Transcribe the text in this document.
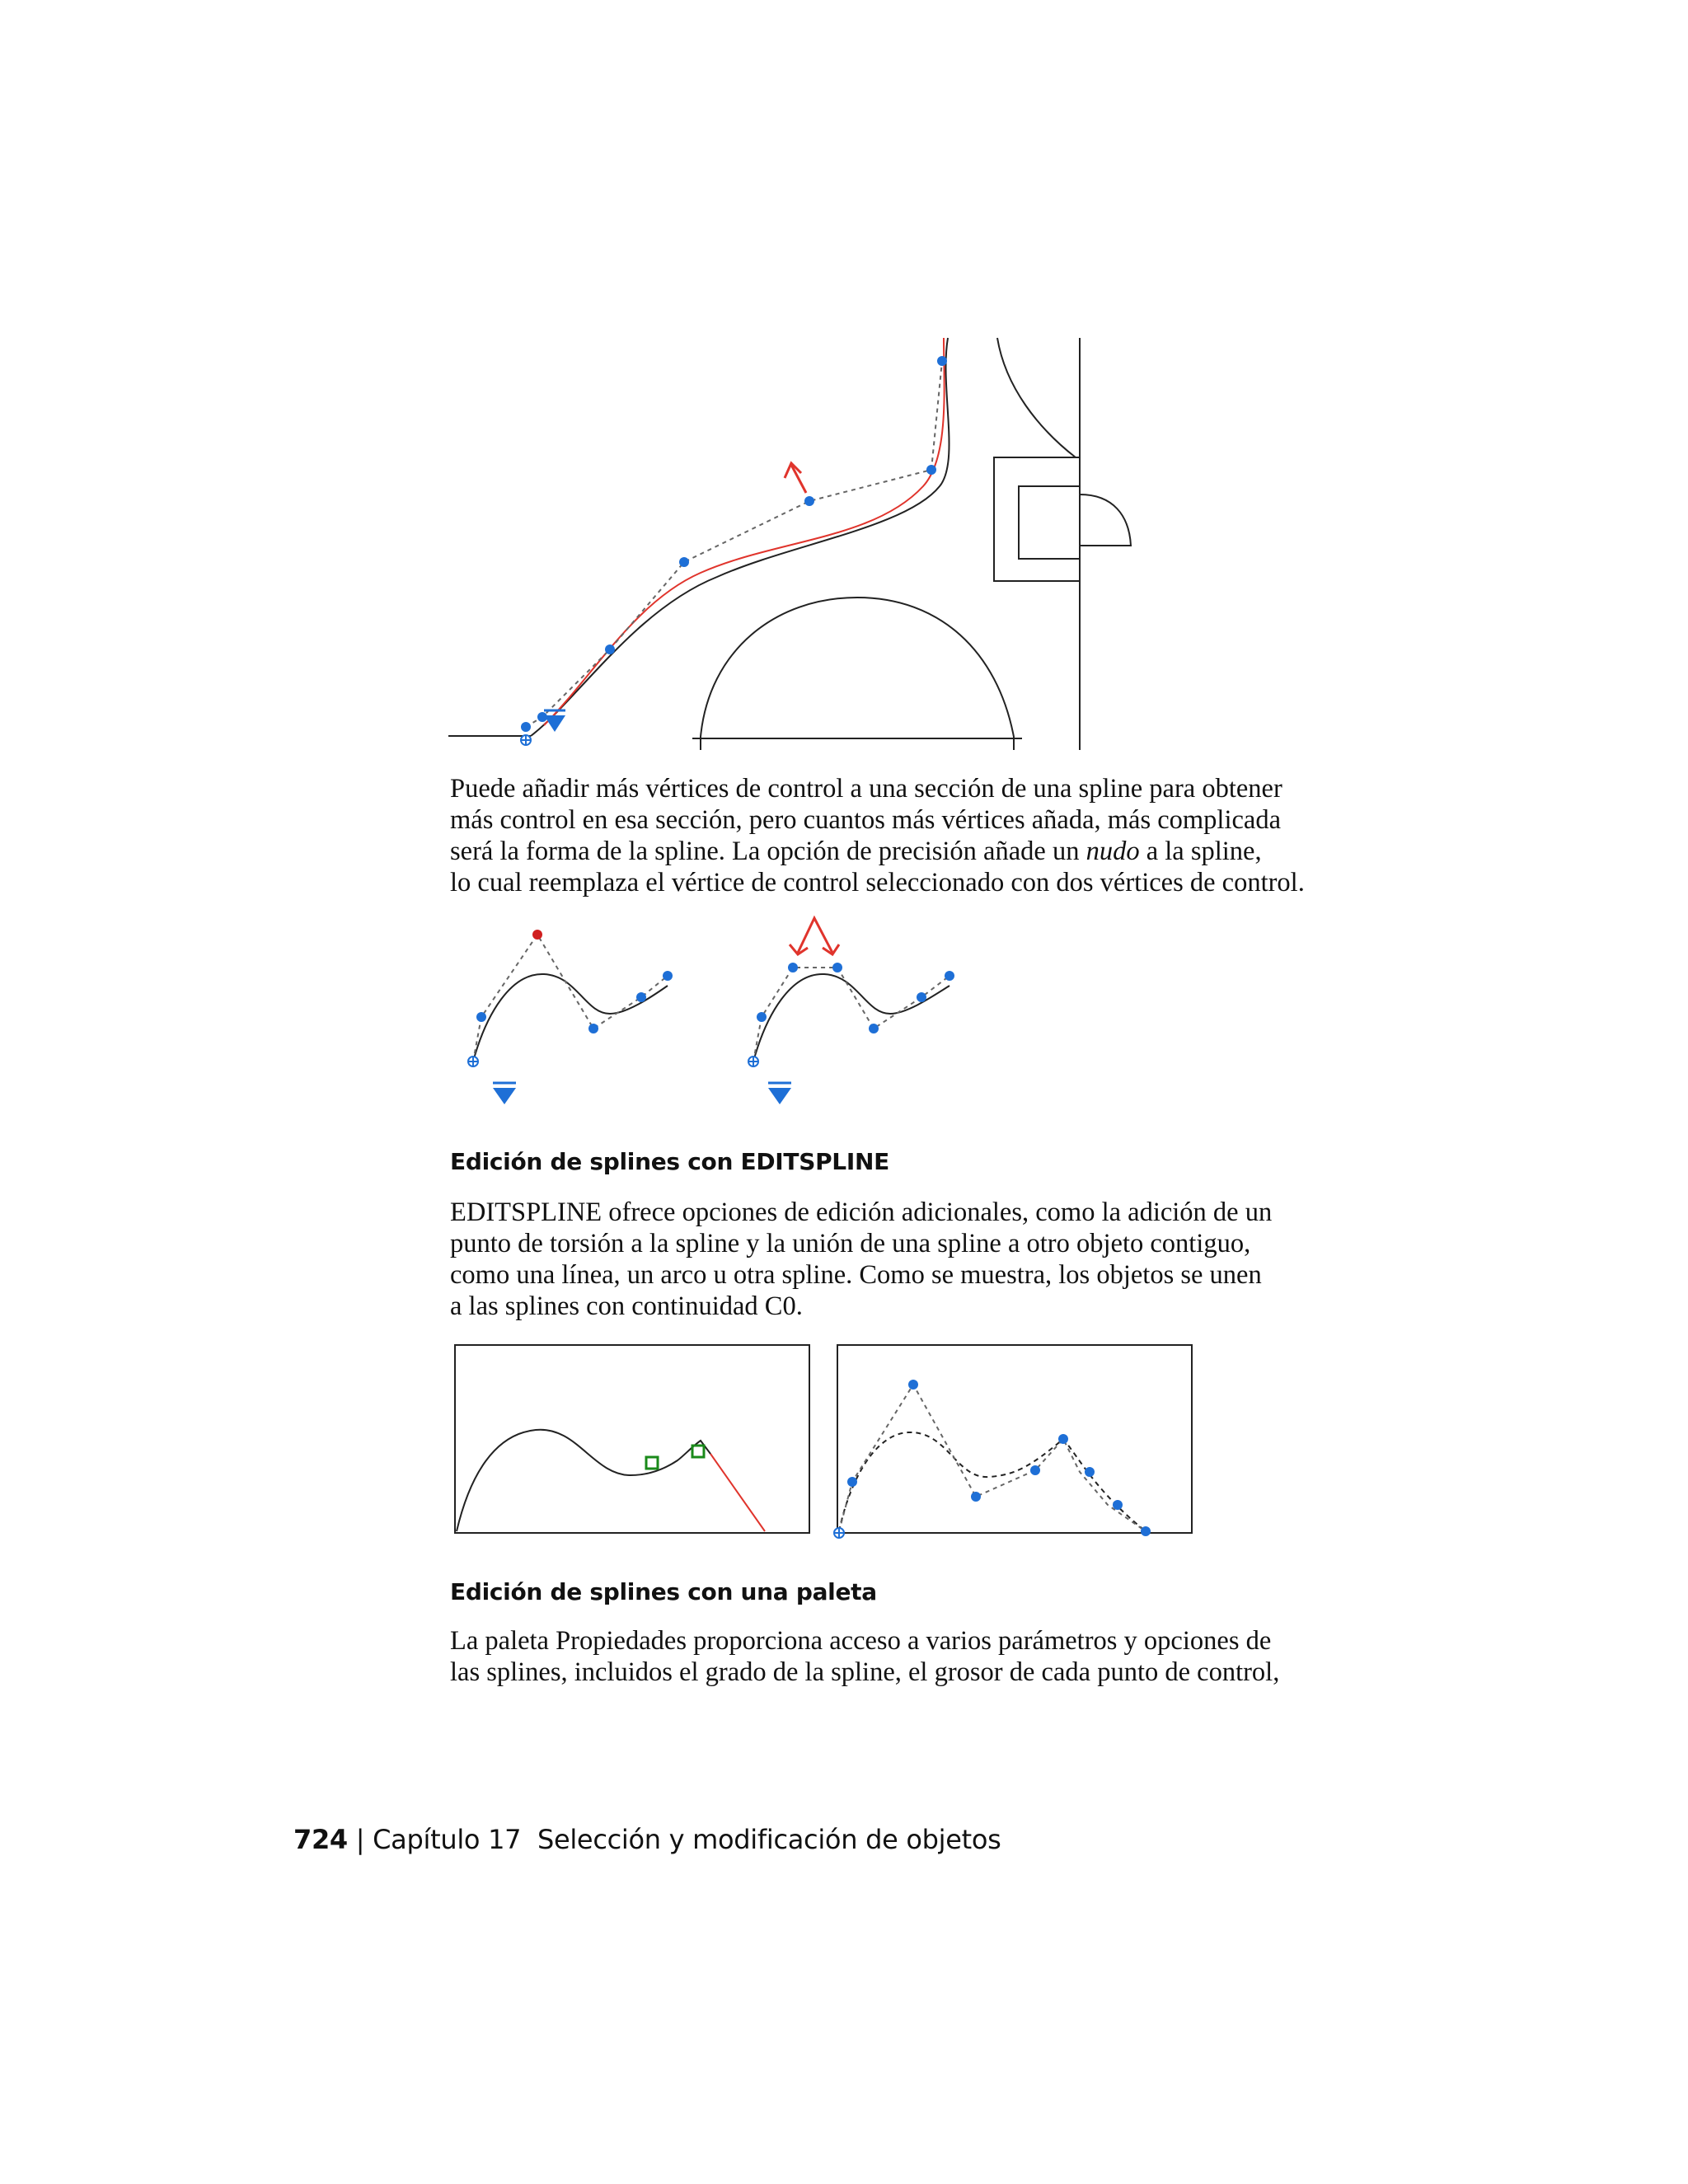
Puede añadir más vértices de control a una sección de una spline para obtener
más control en esa sección, pero cuantos más vértices añada, más complicada
será la forma de la spline. La opción de precisión añade un nudo a la spline,
lo cual reemplaza el vértice de control seleccionado con dos vértices de control.

Edición de splines con EDITSPLINE

EDITSPLINE ofrece opciones de edición adicionales, como la adición de un
punto de torsión a la spline y la unión de una spline a otro objeto contiguo,
como una línea, un arco u otra spline. Como se muestra, los objetos se unen
a las splines con continuidad C0.

Edición de splines con una paleta

La paleta Propiedades proporciona acceso a varios parámetros y opciones de
las splines, incluidos el grado de la spline, el grosor de cada punto de control,

724 | Capítulo 17 Selección y modificación de objetos
